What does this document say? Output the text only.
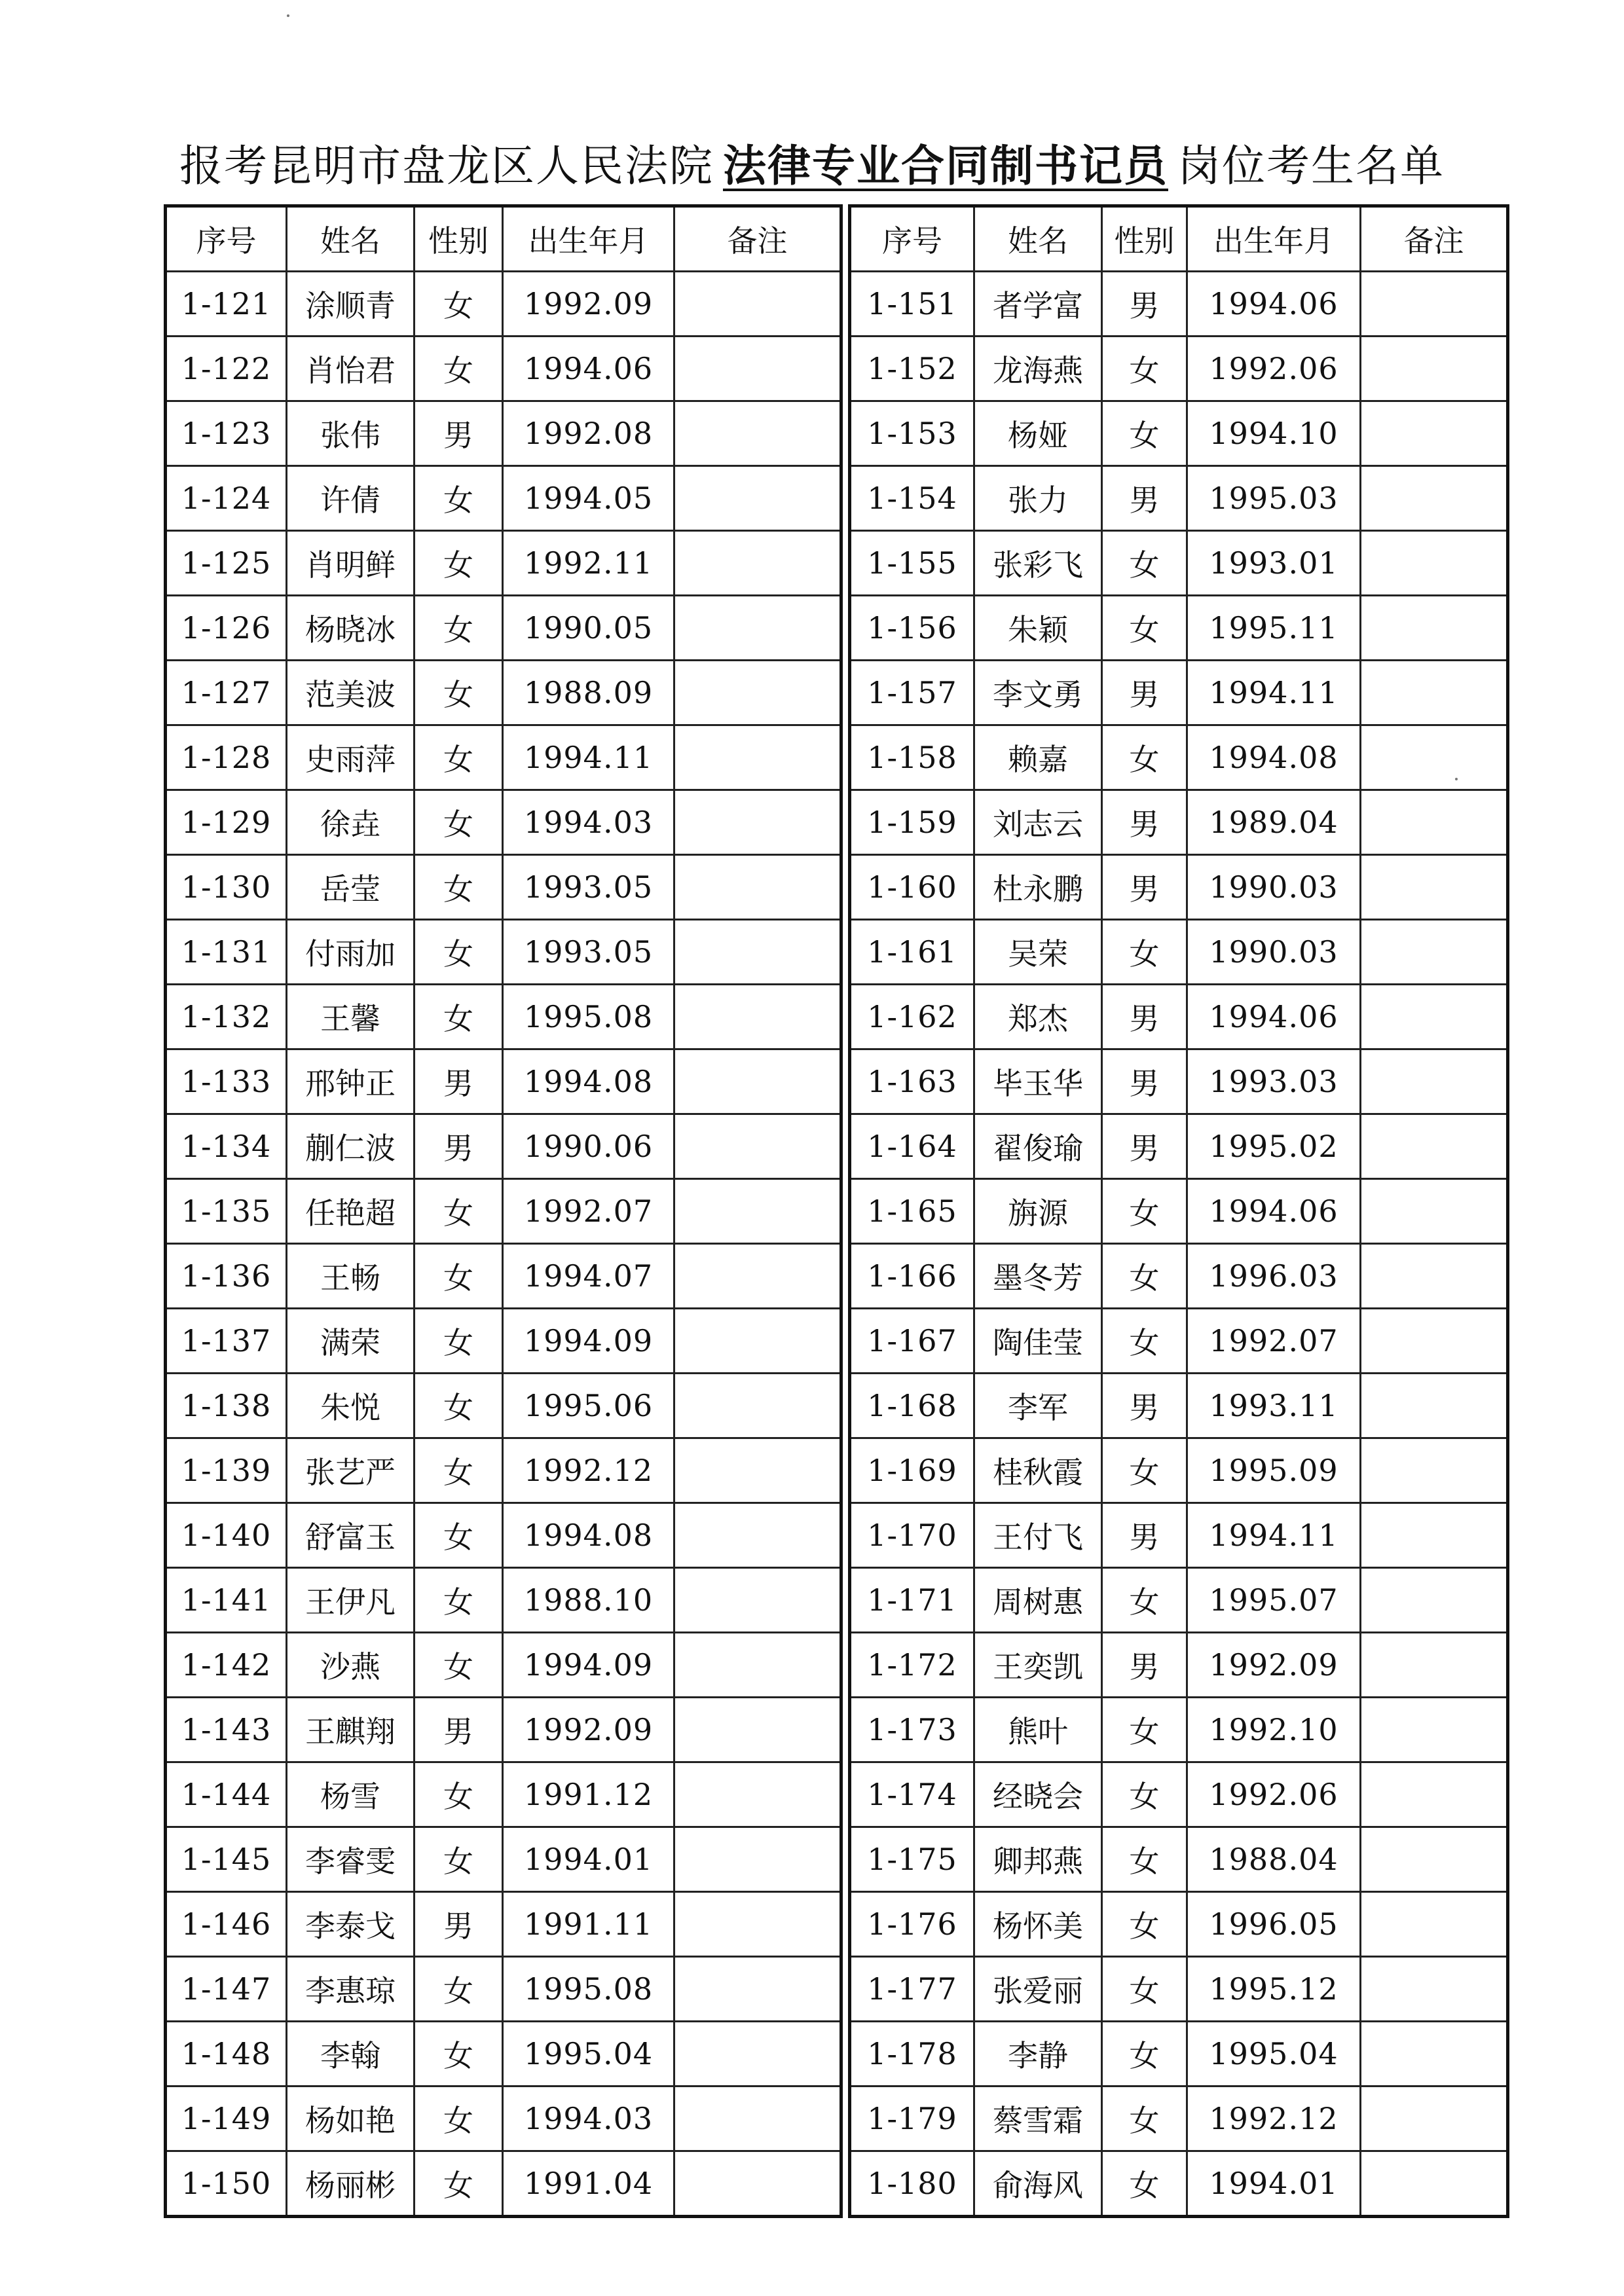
报考昆明市盘龙区人民法院 法律专业合同制书记员 岗位考生名单
序号	姓名	性别	出生年月	备注
1-121	涂顺青	女	1992.09	
1-122	肖怡君	女	1994.06	
1-123	张伟	男	1992.08	
1-124	许倩	女	1994.05	
1-125	肖明鲜	女	1992.11	
1-126	杨晓冰	女	1990.05	
1-127	范美波	女	1988.09	
1-128	史雨萍	女	1994.11	
1-129	徐垚	女	1994.03	
1-130	岳莹	女	1993.05	
1-131	付雨加	女	1993.05	
1-132	王馨	女	1995.08	
1-133	邢钟正	男	1994.08	
1-134	蒯仁波	男	1990.06	
1-135	任艳超	女	1992.07	
1-136	王畅	女	1994.07	
1-137	满荣	女	1994.09	
1-138	朱悦	女	1995.06	
1-139	张艺严	女	1992.12	
1-140	舒富玉	女	1994.08	
1-141	王伊凡	女	1988.10	
1-142	沙燕	女	1994.09	
1-143	王麒翔	男	1992.09	
1-144	杨雪	女	1991.12	
1-145	李睿雯	女	1994.01	
1-146	李泰戈	男	1991.11	
1-147	李惠琼	女	1995.08	
1-148	李翰	女	1995.04	
1-149	杨如艳	女	1994.03	
1-150	杨丽彬	女	1991.04	
序号	姓名	性别	出生年月	备注
1-151	者学富	男	1994.06	
1-152	龙海燕	女	1992.06	
1-153	杨娅	女	1994.10	
1-154	张力	男	1995.03	
1-155	张彩飞	女	1993.01	
1-156	朱颖	女	1995.11	
1-157	李文勇	男	1994.11	
1-158	赖嘉	女	1994.08	
1-159	刘志云	男	1989.04	
1-160	杜永鹏	男	1990.03	
1-161	吴荣	女	1990.03	
1-162	郑杰	男	1994.06	
1-163	毕玉华	男	1993.03	
1-164	翟俊瑜	男	1995.02	
1-165	旃源	女	1994.06	
1-166	墨冬芳	女	1996.03	
1-167	陶佳莹	女	1992.07	
1-168	李军	男	1993.11	
1-169	桂秋霞	女	1995.09	
1-170	王付飞	男	1994.11	
1-171	周树惠	女	1995.07	
1-172	王奕凯	男	1992.09	
1-173	熊叶	女	1992.10	
1-174	经晓会	女	1992.06	
1-175	卿邦燕	女	1988.04	
1-176	杨怀美	女	1996.05	
1-177	张爱丽	女	1995.12	
1-178	李静	女	1995.04	
1-179	蔡雪霜	女	1992.12	
1-180	俞海风	女	1994.01	
